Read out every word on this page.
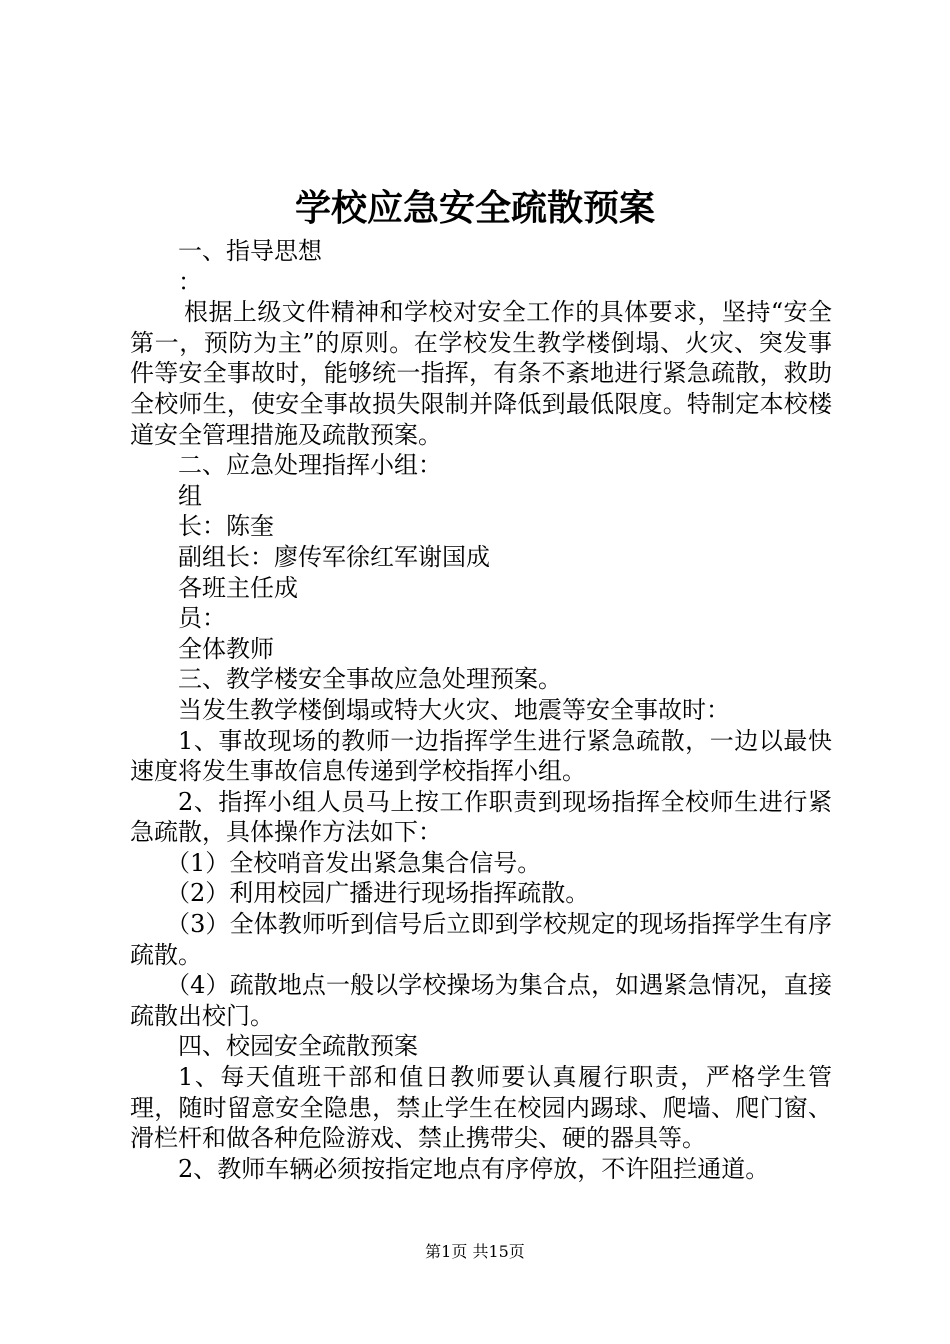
学校应急安全疏散预案

一、指导思想

：

根据上级文件精神和学校对安全工作的具体要求，坚持“安全第一，预防为主”的原则。在学校发生教学楼倒塌、火灾、突发事件等安全事故时，能够统一指挥，有条不紊地进行紧急疏散，救助全校师生，使安全事故损失限制并降低到最低限度。特制定本校楼道安全管理措施及疏散预案。

二、应急处理指挥小组：

组

长：陈奎

副组长：廖传军徐红军谢国成

各班主任成

员：

全体教师

三、教学楼安全事故应急处理预案。

当发生教学楼倒塌或特大火灾、地震等安全事故时：

1、事故现场的教师一边指挥学生进行紧急疏散，一边以最快速度将发生事故信息传递到学校指挥小组。

2、指挥小组人员马上按工作职责到现场指挥全校师生进行紧急疏散，具体操作方法如下：

（1）全校哨音发出紧急集合信号。

（2）利用校园广播进行现场指挥疏散。

（3）全体教师听到信号后立即到学校规定的现场指挥学生有序疏散。

（4）疏散地点一般以学校操场为集合点，如遇紧急情况，直接疏散出校门。

四、校园安全疏散预案

1、每天值班干部和值日教师要认真履行职责，严格学生管理，随时留意安全隐患，禁止学生在校园内踢球、爬墙、爬门窗、滑栏杆和做各种危险游戏、禁止携带尖、硬的器具等。

2、教师车辆必须按指定地点有序停放，不许阻拦通道。

第1页 共15页
